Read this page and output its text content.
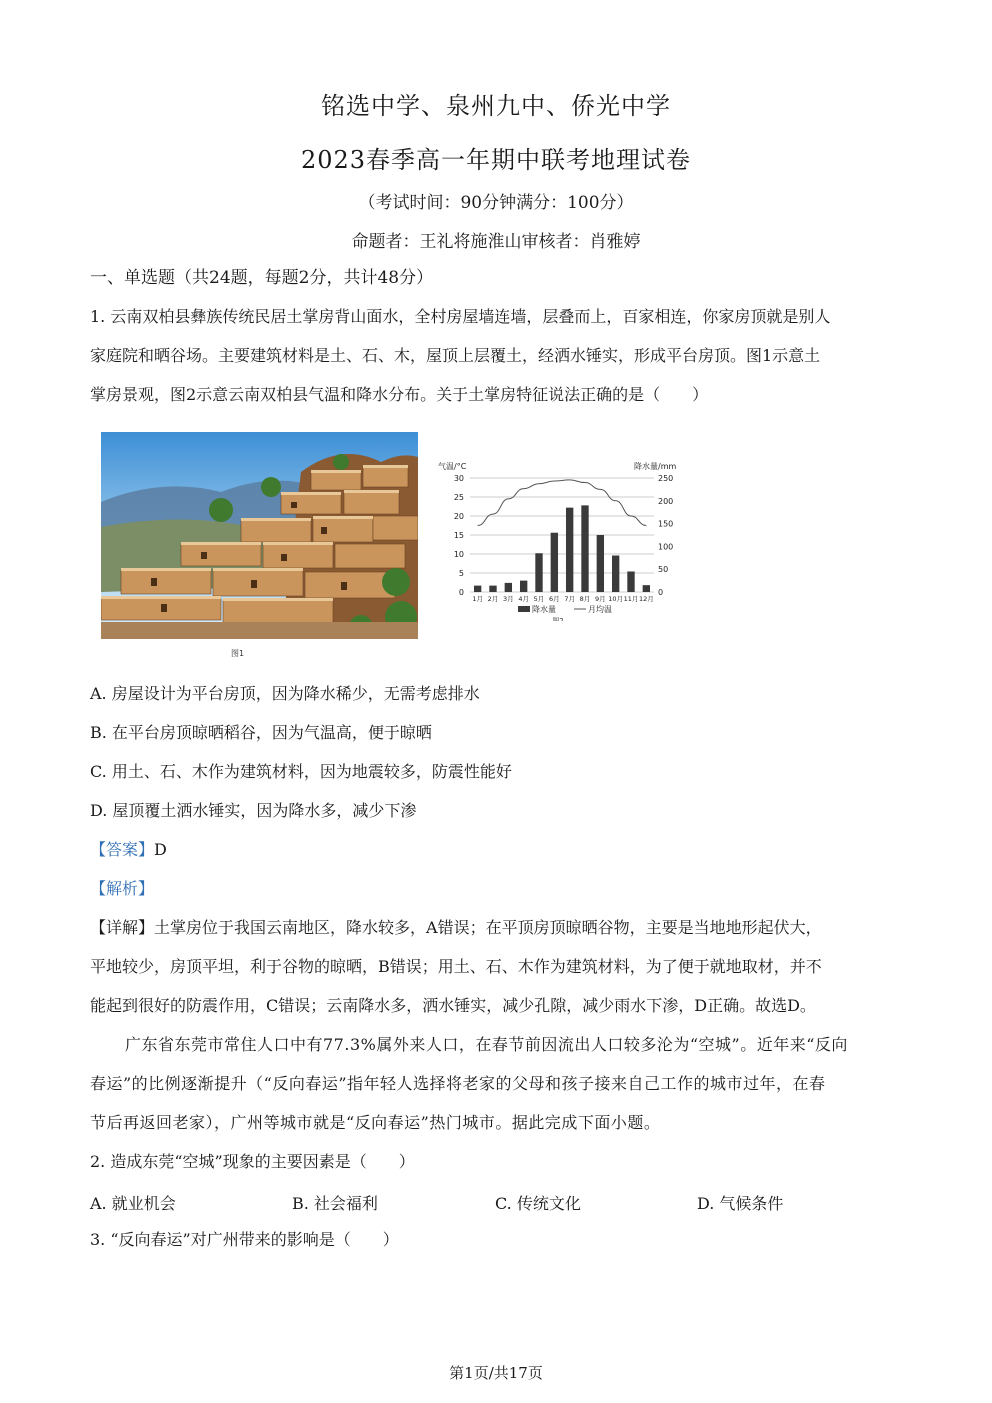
铭选中学、泉州九中、侨光中学
2023春季高一年期中联考地理试卷
（考试时间：90分钟满分：100分）
命题者：王礼将施淮山审核者：肖雅婷
一、单选题（共24题，每题2分，共计48分）
1. 云南双柏县彝族传统民居土掌房背山面水，全村房屋墙连墙，层叠而上，百家相连，你家房顶就是别人
家庭院和晒谷场。主要建筑材料是土、石、木，屋顶上层覆土，经洒水锤实，形成平台房顶。图1示意土
掌房景观，图2示意云南双柏县气温和降水分布。关于土掌房特征说法正确的是（　　）
图1
0
5
10
15
20
25
30
0
50
100
150
200
250
气温/°C	降水量/mm
1月 2月 3月 4月 5月 6月 7月 8月 9月 10月 11月 12月
降水量	月均温
图2
A. 房屋设计为平台房顶，因为降水稀少，无需考虑排水
B. 在平台房顶晾晒稻谷，因为气温高，便于晾晒
C. 用土、石、木作为建筑材料，因为地震较多，防震性能好
D. 屋顶覆土洒水锤实，因为降水多，减少下渗
【答案】D
【解析】
【详解】土掌房位于我国云南地区，降水较多，A错误；在平顶房顶晾晒谷物，主要是当地地形起伏大，
平地较少，房顶平坦，利于谷物的晾晒，B错误；用土、石、木作为建筑材料，为了便于就地取材，并不
能起到很好的防震作用，C错误；云南降水多，洒水锤实，减少孔隙，减少雨水下渗，D正确。故选D。
广东省东莞市常住人口中有77.3%属外来人口，在春节前因流出人口较多沦为“空城”。近年来“反向
春运”的比例逐渐提升（“反向春运”指年轻人选择将老家的父母和孩子接来自己工作的城市过年，在春
节后再返回老家），广州等城市就是“反向春运”热门城市。据此完成下面小题。
2. 造成东莞“空城”现象的主要因素是（　　）
A. 就业机会	B. 社会福利	C. 传统文化	D. 气候条件
3. “反向春运”对广州带来的影响是（　　）
第1页/共17页
